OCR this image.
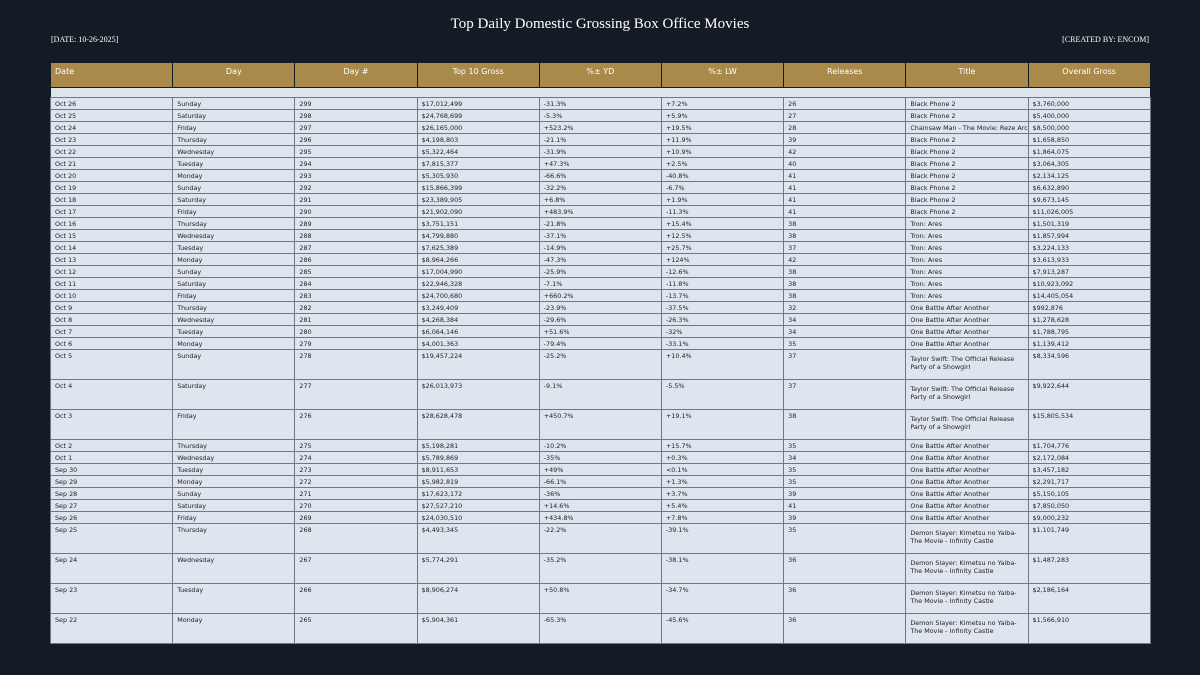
Top Daily Domestic Grossing Box Office Movies
[DATE: 10-26-2025]	[CREATED BY: ENCOM]
Date	Day	Day #	Top 10 Gross	%± YD	%± LW	Releases	Title	Overall Gross

Oct 26	Sunday	299	$17,012,499	-31.3%	+7.2%	26	Black Phone 2	$3,760,000
Oct 25	Saturday	298	$24,768,699	-5.3%	+5.9%	27	Black Phone 2	$5,400,000
Oct 24	Friday	297	$26,165,000	+523.2%	+19.5%	28	Chainsaw Man - The Movie: Reze Arc	$8,500,000
Oct 23	Thursday	296	$4,198,803	-21.1%	+11.9%	39	Black Phone 2	$1,658,850
Oct 22	Wednesday	295	$5,322,464	-31.9%	+10.9%	42	Black Phone 2	$1,864,075
Oct 21	Tuesday	294	$7,815,377	+47.3%	+2.5%	40	Black Phone 2	$3,064,305
Oct 20	Monday	293	$5,305,930	-66.6%	-40.8%	41	Black Phone 2	$2,134,125
Oct 19	Sunday	292	$15,866,399	-32.2%	-6.7%	41	Black Phone 2	$6,632,890
Oct 18	Saturday	291	$23,389,905	+6.8%	+1.9%	41	Black Phone 2	$9,673,145
Oct 17	Friday	290	$21,902,090	+483.9%	-11.3%	41	Black Phone 2	$11,026,005
Oct 16	Thursday	289	$3,751,151	-21.8%	+15.4%	38	Tron: Ares	$1,501,319
Oct 15	Wednesday	288	$4,799,880	-37.1%	+12.5%	38	Tron: Ares	$1,857,994
Oct 14	Tuesday	287	$7,625,389	-14.9%	+25.7%	37	Tron: Ares	$3,224,133
Oct 13	Monday	286	$8,964,266	-47.3%	+124%	42	Tron: Ares	$3,613,933
Oct 12	Sunday	285	$17,004,990	-25.9%	-12.6%	38	Tron: Ares	$7,913,287
Oct 11	Saturday	284	$22,946,328	-7.1%	-11.8%	38	Tron: Ares	$10,923,092
Oct 10	Friday	283	$24,700,680	+660.2%	-13.7%	38	Tron: Ares	$14,405,054
Oct 9	Thursday	282	$3,249,409	-23.9%	-37.5%	32	One Battle After Another	$992,876
Oct 8	Wednesday	281	$4,268,384	-29.6%	-26.3%	34	One Battle After Another	$1,278,628
Oct 7	Tuesday	280	$6,064,146	+51.6%	-32%	34	One Battle After Another	$1,788,795
Oct 6	Monday	279	$4,001,363	-79.4%	-33.1%	35	One Battle After Another	$1,139,412
Oct 5	Sunday	278	$19,457,224	-25.2%	+10.4%	37	Taylor Swift: The Official Release Party of a Showgirl	$8,334,596
Oct 4	Saturday	277	$26,013,973	-9.1%	-5.5%	37	Taylor Swift: The Official Release Party of a Showgirl	$9,922,644
Oct 3	Friday	276	$28,628,478	+450.7%	+19.1%	38	Taylor Swift: The Official Release Party of a Showgirl	$15,805,534
Oct 2	Thursday	275	$5,198,281	-10.2%	+15.7%	35	One Battle After Another	$1,704,776
Oct 1	Wednesday	274	$5,789,869	-35%	+0.3%	34	One Battle After Another	$2,172,084
Sep 30	Tuesday	273	$8,911,653	+49%	<0.1%	35	One Battle After Another	$3,457,182
Sep 29	Monday	272	$5,982,819	-66.1%	+1.3%	35	One Battle After Another	$2,291,717
Sep 28	Sunday	271	$17,623,172	-36%	+3.7%	39	One Battle After Another	$5,150,105
Sep 27	Saturday	270	$27,527,210	+14.6%	+5.4%	41	One Battle After Another	$7,850,050
Sep 26	Friday	269	$24,030,510	+434.8%	+7.8%	39	One Battle After Another	$9,000,232
Sep 25	Thursday	268	$4,493,345	-22.2%	-39.1%	35	Demon Slayer: Kimetsu no Yaiba- The Movie - Infinity Castle	$1,101,749
Sep 24	Wednesday	267	$5,774,291	-35.2%	-38.1%	36	Demon Slayer: Kimetsu no Yaiba- The Movie - Infinity Castle	$1,487,283
Sep 23	Tuesday	266	$8,906,274	+50.8%	-34.7%	36	Demon Slayer: Kimetsu no Yaiba- The Movie - Infinity Castle	$2,186,164
Sep 22	Monday	265	$5,904,361	-65.3%	-45.6%	36	Demon Slayer: Kimetsu no Yaiba- The Movie - Infinity Castle	$1,566,910
